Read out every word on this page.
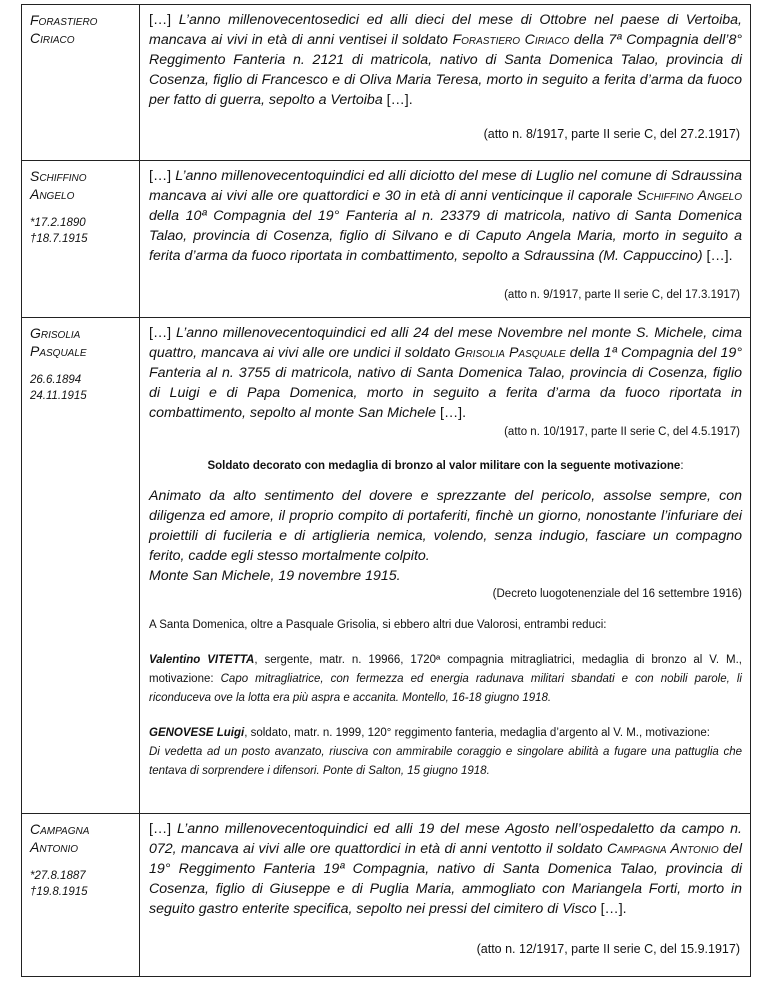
Forastiero
Ciriaco

[…] L’anno millenovecentosedici ed alli dieci del mese di Ottobre nel paese di Vertoiba, mancava ai vivi in età di anni ventisei il soldato Forastiero Ciriaco della 7ª Compagnia dell’8° Reggimento Fanteria n. 2121 di matricola, nativo di Santa Domenica Talao, provincia di Cosenza, figlio di Francesco e di Oliva Maria Teresa, morto in seguito a ferita d’arma da fuoco per fatto di guerra, sepolto a Vertoiba […].

(atto n. 8/1917, parte II serie C, del 27.2.1917)
Schiffino
Angelo
*17.2.1890
†18.7.1915

[…] L’anno millenovecentoquindici ed alli diciotto del mese di Luglio nel comune di Sdraussina mancava ai vivi alle ore quattordici e 30 in età di anni venticinque il caporale Schiffino Angelo della 10ª Compagnia del 19° Fanteria al n. 23379 di matricola, nativo di Santa Domenica Talao, provincia di Cosenza, figlio di Silvano e di Caputo Angela Maria, morto in seguito a ferita d’arma da fuoco riportata in combattimento, sepolto a Sdraussina (M. Cappuccino) […].

(atto n. 9/1917, parte II serie C, del 17.3.1917)
Grisolia
Pasquale
26.6.1894
24.11.1915

[…] L’anno millenovecentoquindici ed alli 24 del mese Novembre nel monte S. Michele, cima quattro, mancava ai vivi alle ore undici il soldato Grisolia Pasquale della 1ª Compagnia del 19° Fanteria al n. 3755 di matricola, nativo di Santa Domenica Talao, provincia di Cosenza, figlio di Luigi e di Papa Domenica, morto in seguito a ferita d’arma da fuoco riportata in combattimento, sepolto al monte San Michele […].

(atto n. 10/1917, parte II serie C, del 4.5.1917)

Soldato decorato con medaglia di bronzo al valor militare con la seguente motivazione:

Animato da alto sentimento del dovere e sprezzante del pericolo, assolse sempre, con diligenza ed amore, il proprio compito di portaferiti, finchè un giorno, nonostante l’infuriare dei proiettili di fucileria e di artiglieria nemica, volendo, senza indugio, fasciare un compagno ferito, cadde egli stesso mortalmente colpito.

Monte San Michele, 19 novembre 1915.

(Decreto luogotenenziale del 16 settembre 1916)

A Santa Domenica, oltre a Pasquale Grisolia, si ebbero altri due Valorosi, entrambi reduci:

Valentino VITETTA, sergente, matr. n. 19966, 1720ª compagnia mitragliatrici, medaglia di bronzo al V. M., motivazione: Capo mitragliatrice, con fermezza ed energia radunava militari sbandati e con nobili parole, li riconduceva ove la lotta era più aspra e accanita. Montello, 16-18 giugno 1918.

GENOVESE Luigi, soldato, matr. n. 1999, 120° reggimento fanteria, medaglia d’argento al V. M., motivazione:

Di vedetta ad un posto avanzato, riusciva con ammirabile coraggio e singolare abilità a fugare una pattuglia che tentava di sorprendere i difensori. Ponte di Salton, 15 giugno 1918.

Campagna
Antonio
*27.8.1887
†19.8.1915

[…] L’anno millenovecentoquindici ed alli 19 del mese Agosto nell’ospedaletto da campo n. 072, mancava ai vivi alle ore quattordici in età di anni ventotto il soldato Campagna Antonio del 19° Reggimento Fanteria 19ª Compagnia, nativo di Santa Domenica Talao, provincia di Cosenza, figlio di Giuseppe e di Puglia Maria, ammogliato con Mariangela Forti, morto in seguito gastro enterite specifica, sepolto nei pressi del cimitero di Visco […].

(atto n. 12/1917, parte II serie C, del 15.9.1917)
